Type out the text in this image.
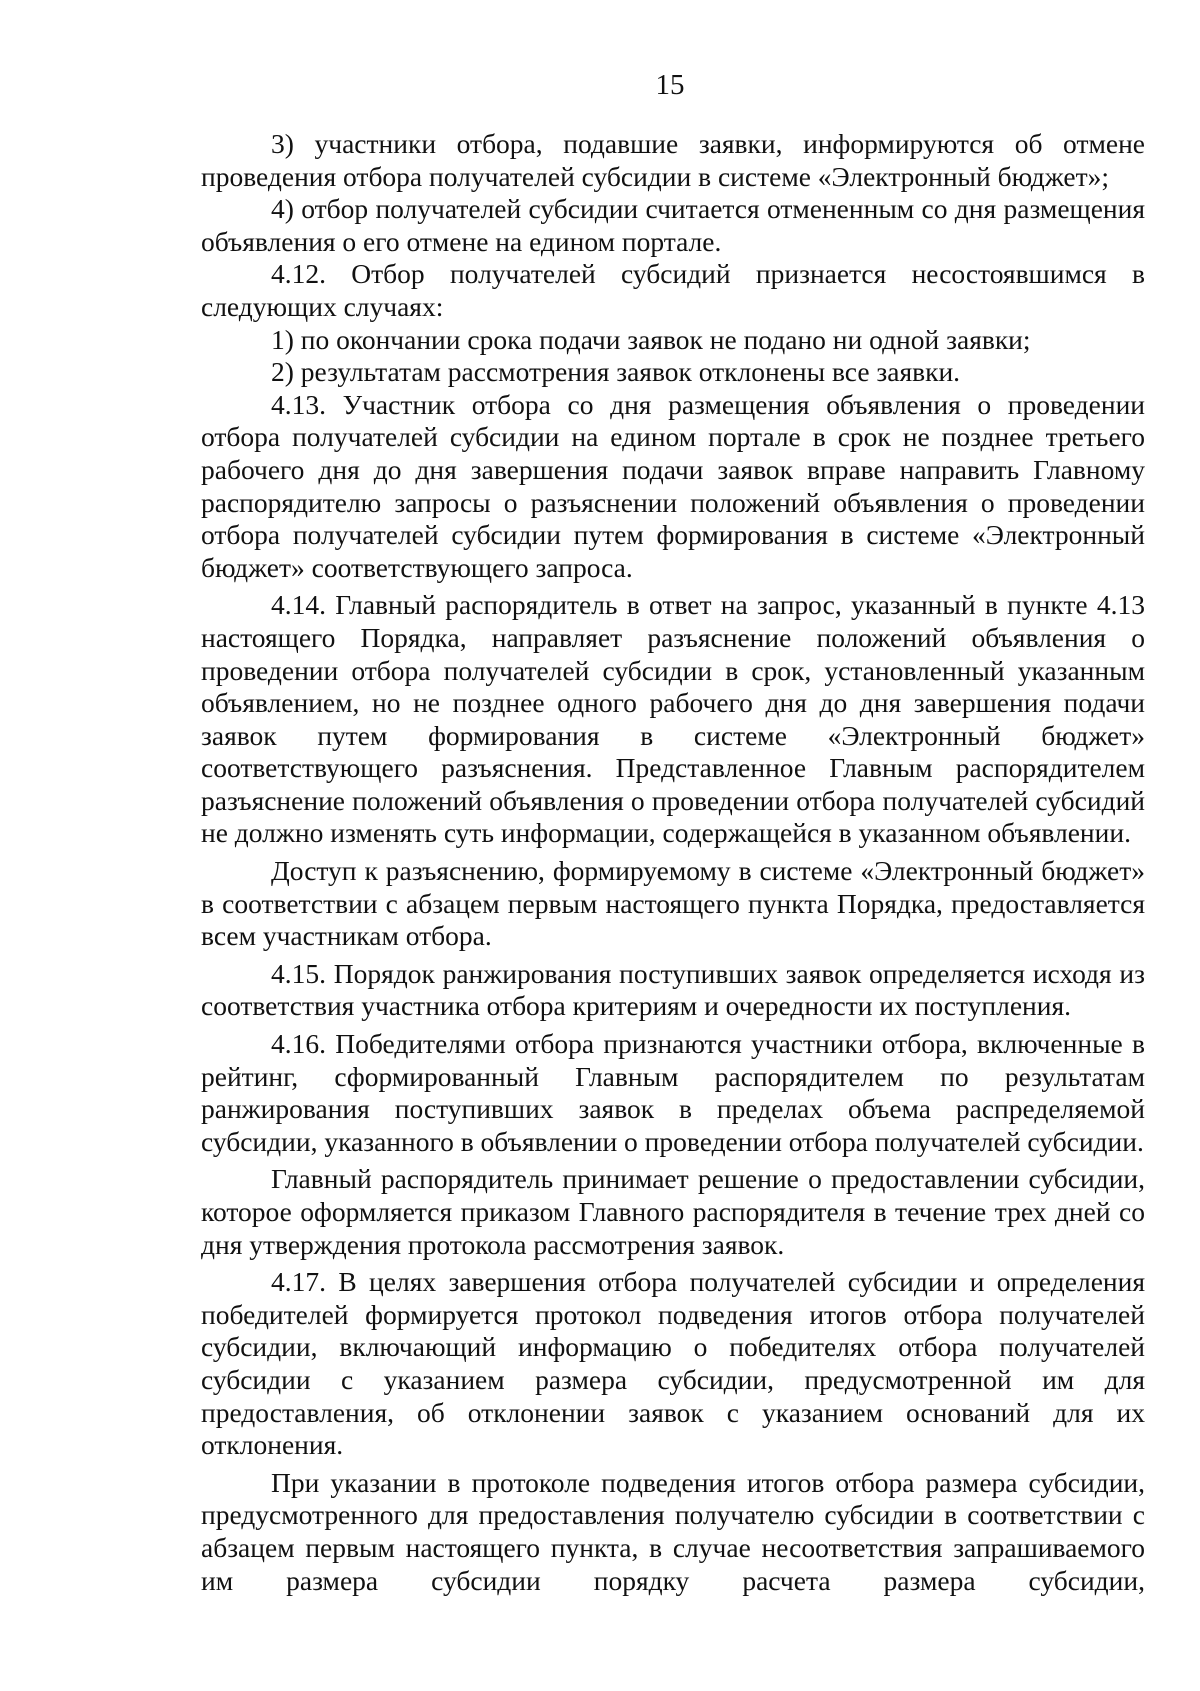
15

3) участники отбора, подавшие заявки, информируются об отмене проведения отбора получателей субсидии в системе «Электронный бюджет»;

4) отбор получателей субсидии считается отмененным со дня размещения объявления о его отмене на едином портале.

4.12. Отбор получателей субсидий признается несостоявшимся в следующих случаях:

1) по окончании срока подачи заявок не подано ни одной заявки;

2) результатам рассмотрения заявок отклонены все заявки.

4.13. Участник отбора со дня размещения объявления о проведении отбора получателей субсидии на едином портале в срок не позднее третьего рабочего дня до дня завершения подачи заявок вправе направить Главному распорядителю запросы о разъяснении положений объявления о проведении отбора получателей субсидии путем формирования в системе «Электронный бюджет» соответствующего запроса.

4.14. Главный распорядитель в ответ на запрос, указанный в пункте 4.13 настоящего Порядка, направляет разъяснение положений объявления о проведении отбора получателей субсидии в срок, установленный указанным объявлением, но не позднее одного рабочего дня до дня завершения подачи заявок путем формирования в системе «Электронный бюджет» соответствующего разъяснения. Представленное Главным распорядителем разъяснение положений объявления о проведении отбора получателей субсидий не должно изменять суть информации, содержащейся в указанном объявлении.

Доступ к разъяснению, формируемому в системе «Электронный бюджет» в соответствии с абзацем первым настоящего пункта Порядка, предоставляется всем участникам отбора.

4.15. Порядок ранжирования поступивших заявок определяется исходя из соответствия участника отбора критериям и очередности их поступления.

4.16. Победителями отбора признаются участники отбора, включенные в рейтинг, сформированный Главным распорядителем по результатам ранжирования поступивших заявок в пределах объема распределяемой субсидии, указанного в объявлении о проведении отбора получателей субсидии.

Главный распорядитель принимает решение о предоставлении субсидии, которое оформляется приказом Главного распорядителя в течение трех дней со дня утверждения протокола рассмотрения заявок.

4.17. В целях завершения отбора получателей субсидии и определения победителей формируется протокол подведения итогов отбора получателей субсидии, включающий информацию о победителях отбора получателей субсидии с указанием размера субсидии, предусмотренной им для предоставления, об отклонении заявок с указанием оснований для их отклонения.

При указании в протоколе подведения итогов отбора размера субсидии, предусмотренного для предоставления получателю субсидии в соответствии с абзацем первым настоящего пункта, в случае несоответствия запрашиваемого им размера субсидии порядку расчета размера субсидии,
